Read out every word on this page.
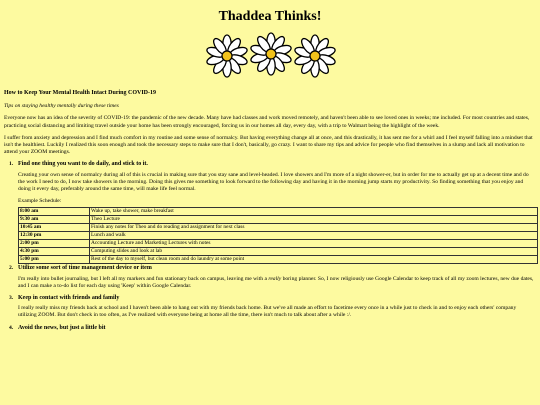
Thaddea Thinks!
How to Keep Your Mental Health Intact During COVID-19
Tips on staying healthy mentally during these times

Everyone now has an idea of the severity of COVID-19: the pandemic of the new decade. Many have had classes and work moved remotely, and haven't been able to see loved ones in weeks; me included. For most countries and states, practicing social distancing and limiting travel outside your home has been strongly encouraged, forcing us in our homes all day, every day, with a trip to Walmart being the highlight of the week.

I suffer from anxiety and depression and I find much comfort in my routine and some sense of normalcy. But having everything change all at once, and this drastically, it has sent me for a whirl and I feel myself falling into a mindset that isn't the healthiest. Luckily I realized this soon enough and took the necessary steps to make sure that I don't, basically, go crazy. I want to share my tips and advice for people who find themselves in a slump and lack all motivation to attend your ZOOM meetings.

1. Find one thing you want to do daily, and stick to it.

Creating your own sense of normalcy during all of this is crucial in making sure that you stay sane and level-headed. I love showers and I'm more of a night shower-er, but in order for me to actually get up at a decent time and do the work I need to do, I now take showers in the morning. Doing this gives me something to look forward to the following day and having it in the morning jump starts my productivity. So finding something that you enjoy and doing it every day, preferably around the same time, will make life feel normal.

Example Schedule:

8:00 am	Wake up, take shower, make breakfast
9:30 am	Theo Lecture
10:45 am	Finish any notes for Theo and do reading and assignment for next class
12:30 pm	Lunch and walk
2:00 pm	Accounting Lecture and Marketing Lectures with notes
4:30 pm	Computing slides and look at lab
5:00 pm	Rest of the day to myself, but clean room and do laundry at some point
2. Utilize some sort of time management device or item

I'm really into bullet journaling, but I left all my markers and fun stationary back on campus, leaving me with a really boring planner. So, I now religiously use Google Calendar to keep track of all my zoom lectures, new due dates, and I can make a to-do list for each day using 'Keep' within Google Calendar.

3. Keep in contact with friends and family

I really really miss my friends back at school and I haven't been able to hang out with my friends back home. But we've all made an effort to facetime every once in a while just to check in and to enjoy each others' company utilizing ZOOM. But don't check in too often, as I've realized with everyone being at home all the time, there isn't much to talk about after a while :/.

4. Avoid the news, but just a little bit
